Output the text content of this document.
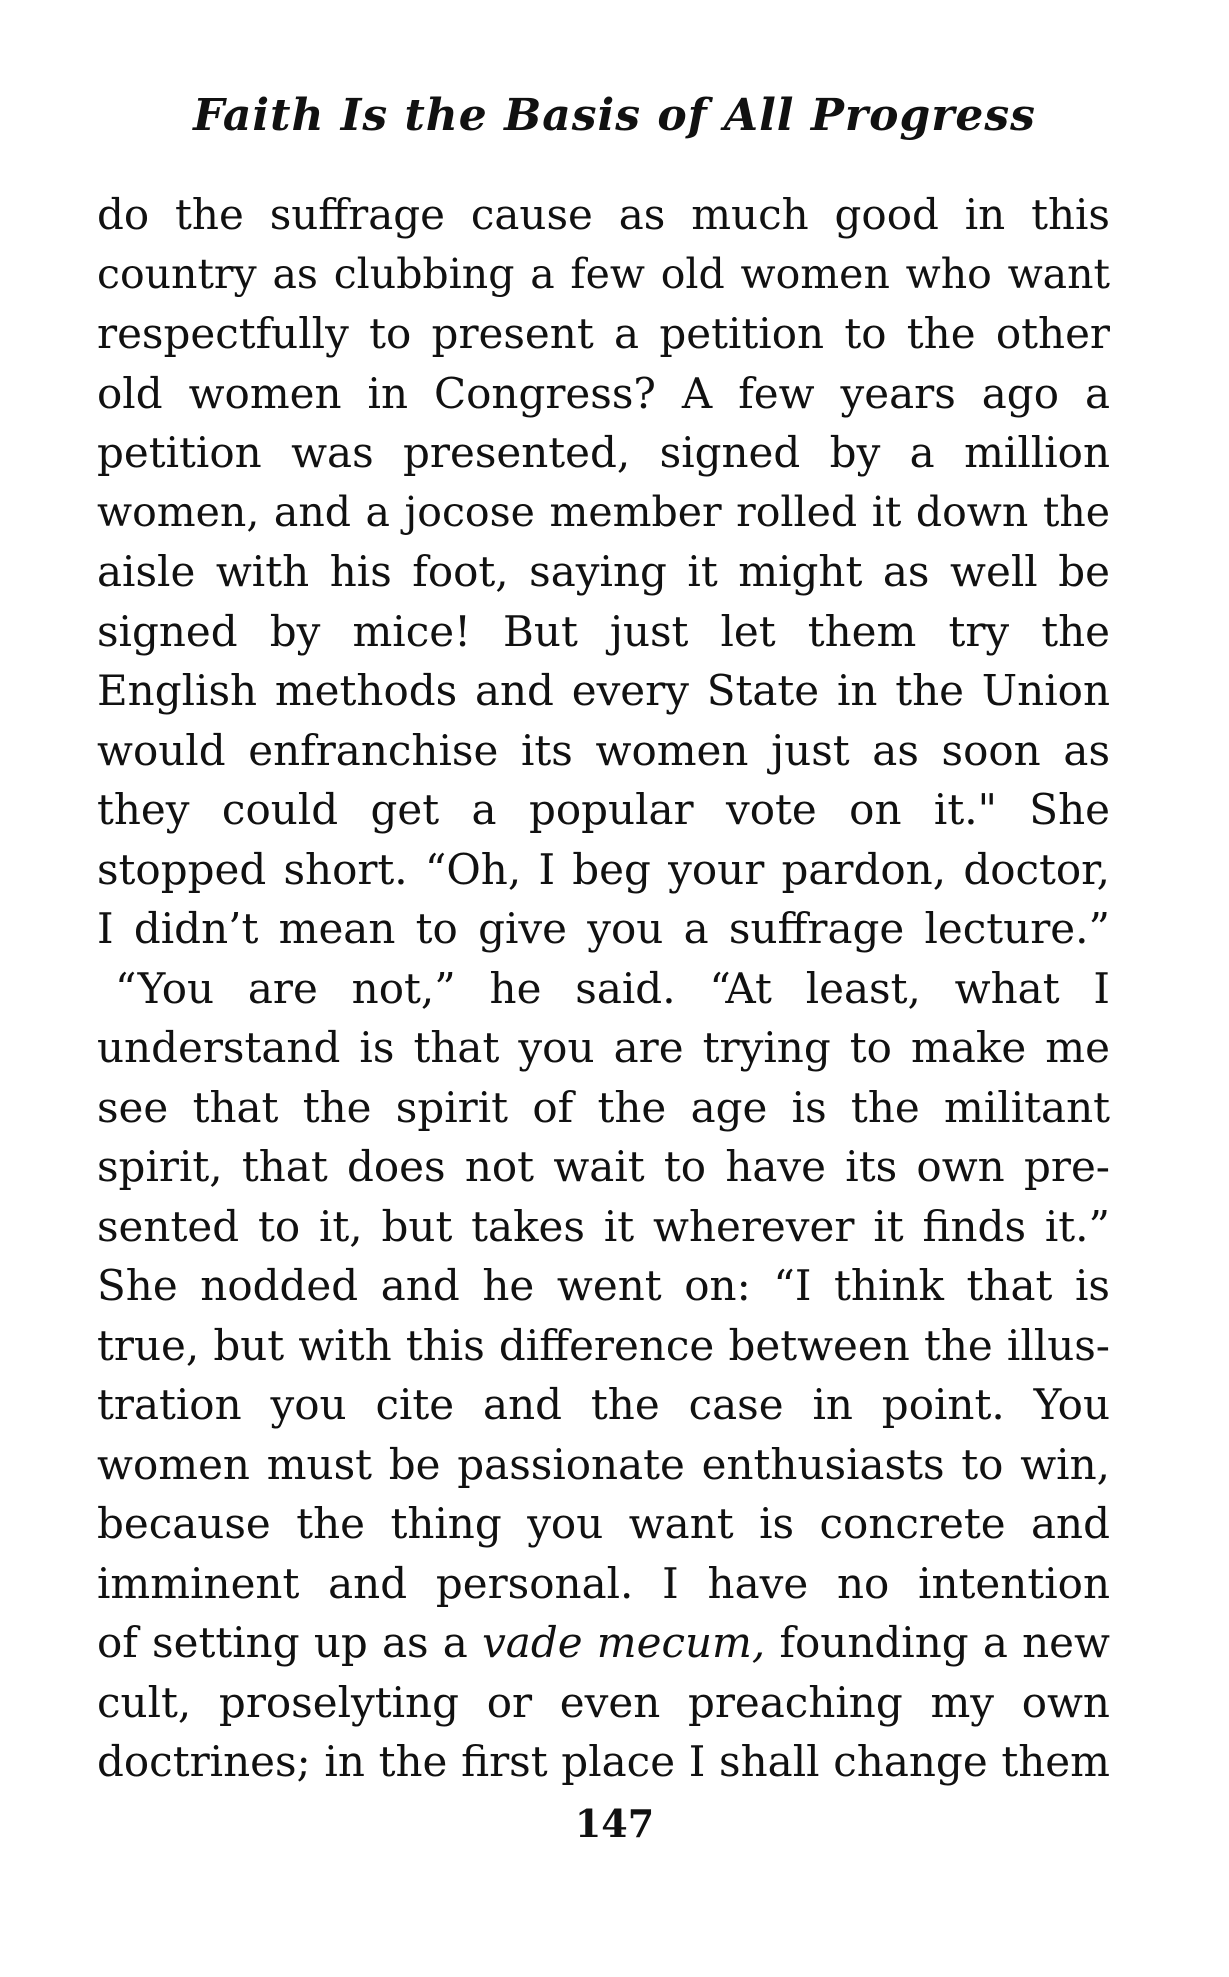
Faith Is the Basis of All Progress
do the suffrage cause as much good in this
country as clubbing a few old women who want
respectfully to present a petition to the other
old women in Congress? A few years ago a
petition was presented, signed by a million
women, and a jocose member rolled it down the
aisle with his foot, saying it might as well be
signed by mice! But just let them try the
English methods and every State in the Union
would enfranchise its women just as soon as
they could get a popular vote on it." She
stopped short. “Oh, I beg your pardon, doctor,
I didn’t mean to give you a suffrage lecture.”
“You are not,” he said. “At least, what I
understand is that you are trying to make me
see that the spirit of the age is the militant
spirit, that does not wait to have its own pre-
sented to it, but takes it wherever it finds it.”
She nodded and he went on: “I think that is
true, but with this difference between the illus-
tration you cite and the case in point. You
women must be passionate enthusiasts to win,
because the thing you want is concrete and
imminent and personal. I have no intention
of setting up as a vade mecum, founding a new
cult, proselyting or even preaching my own
doctrines; in the first place I shall change them
147
